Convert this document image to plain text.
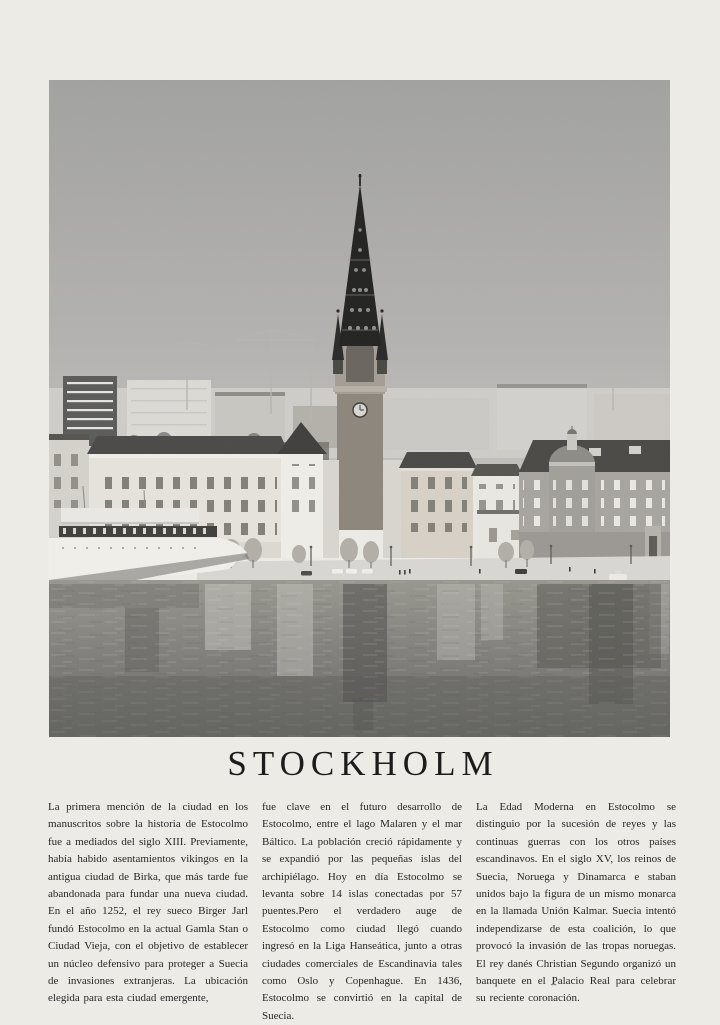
STOCKHOLM

La primera mención de la ciudad en los manuscritos sobre la historia de Estocolmo fue a mediados del siglo XIII. Previamente, había habido asentamientos vikingos en la antigua ciudad de Birka, que más tarde fue abandonada para fundar una nueva ciudad. En el año 1252, el rey sueco Birger Jarl fundó Estocolmo en la actual Gamla Stan o Ciudad Vieja, con el objetivo de establecer un núcleo defensivo para proteger a Suecia de invasiones extranjeras. La ubicación elegida para esta ciudad emergente,

fue clave en el futuro desarrollo de Estocolmo, entre el lago Malaren y el mar Báltico. La población creció rápidamente y se expandió por las pequeñas islas del archipiélago. Hoy en día Estocolmo se levanta sobre 14 islas conectadas por 57 puentes.Pero el verdadero auge de Estocolmo como ciudad llegó cuando ingresó en la Liga Hanseática, junto a otras ciudades comerciales de Escandinavia tales como Oslo y Copenhague. En 1436, Estocolmo se convirtió en la capital de Suecia.

La Edad Moderna en Estocolmo se distinguio por la sucesión de reyes y las continuas guerras con los otros países escandinavos. En el siglo XV, los reinos de Suecia, Noruega y Dinamarca e staban unidos bajo la figura de un mismo monarca en la llamada Unión Kalmar. Suecia intentó independizarse de esta coalición, lo que provocó la invasión de las tropas noruegas. El rey danés Christian Segundo organizó un banquete en el P̲alacio Real para celebrar su reciente coronación.
